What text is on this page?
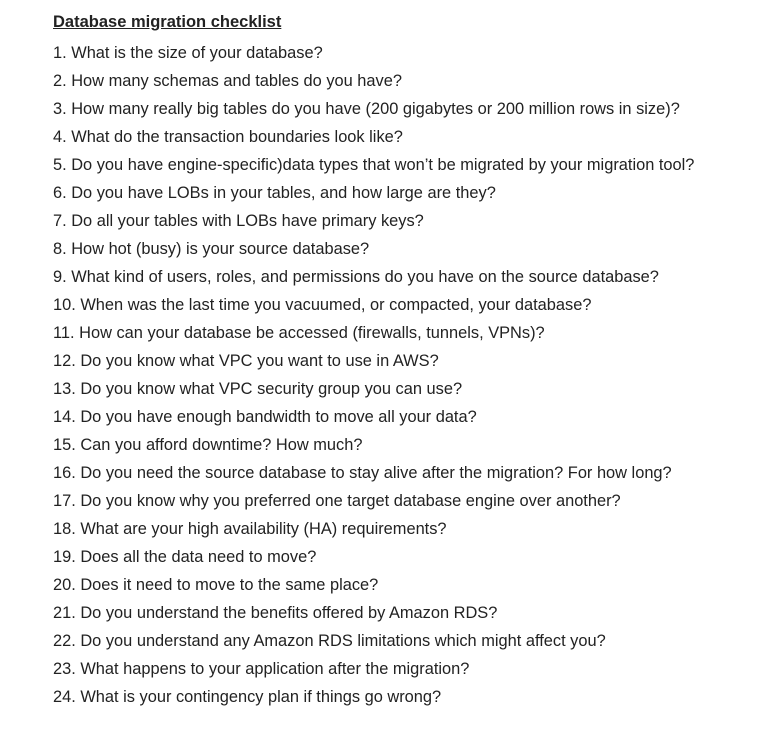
Database migration checklist
1. What is the size of your database?
2. How many schemas and tables do you have?
3. How many really big tables do you have (200 gigabytes or 200 million rows in size)?
4. What do the transaction boundaries look like?
5. Do you have engine-specific)data types that won’t be migrated by your migration tool?
6. Do you have LOBs in your tables, and how large are they?
7. Do all your tables with LOBs have primary keys?
8. How hot (busy) is your source database?
9. What kind of users, roles, and permissions do you have on the source database?
10. When was the last time you vacuumed, or compacted, your database?
11. How can your database be accessed (firewalls, tunnels, VPNs)?
12. Do you know what VPC you want to use in AWS?
13. Do you know what VPC security group you can use?
14. Do you have enough bandwidth to move all your data?
15. Can you afford downtime? How much?
16. Do you need the source database to stay alive after the migration? For how long?
17. Do you know why you preferred one target database engine over another?
18. What are your high availability (HA) requirements?
19. Does all the data need to move?
20. Does it need to move to the same place?
21. Do you understand the benefits offered by Amazon RDS?
22. Do you understand any Amazon RDS limitations which might affect you?
23. What happens to your application after the migration?
24. What is your contingency plan if things go wrong?
